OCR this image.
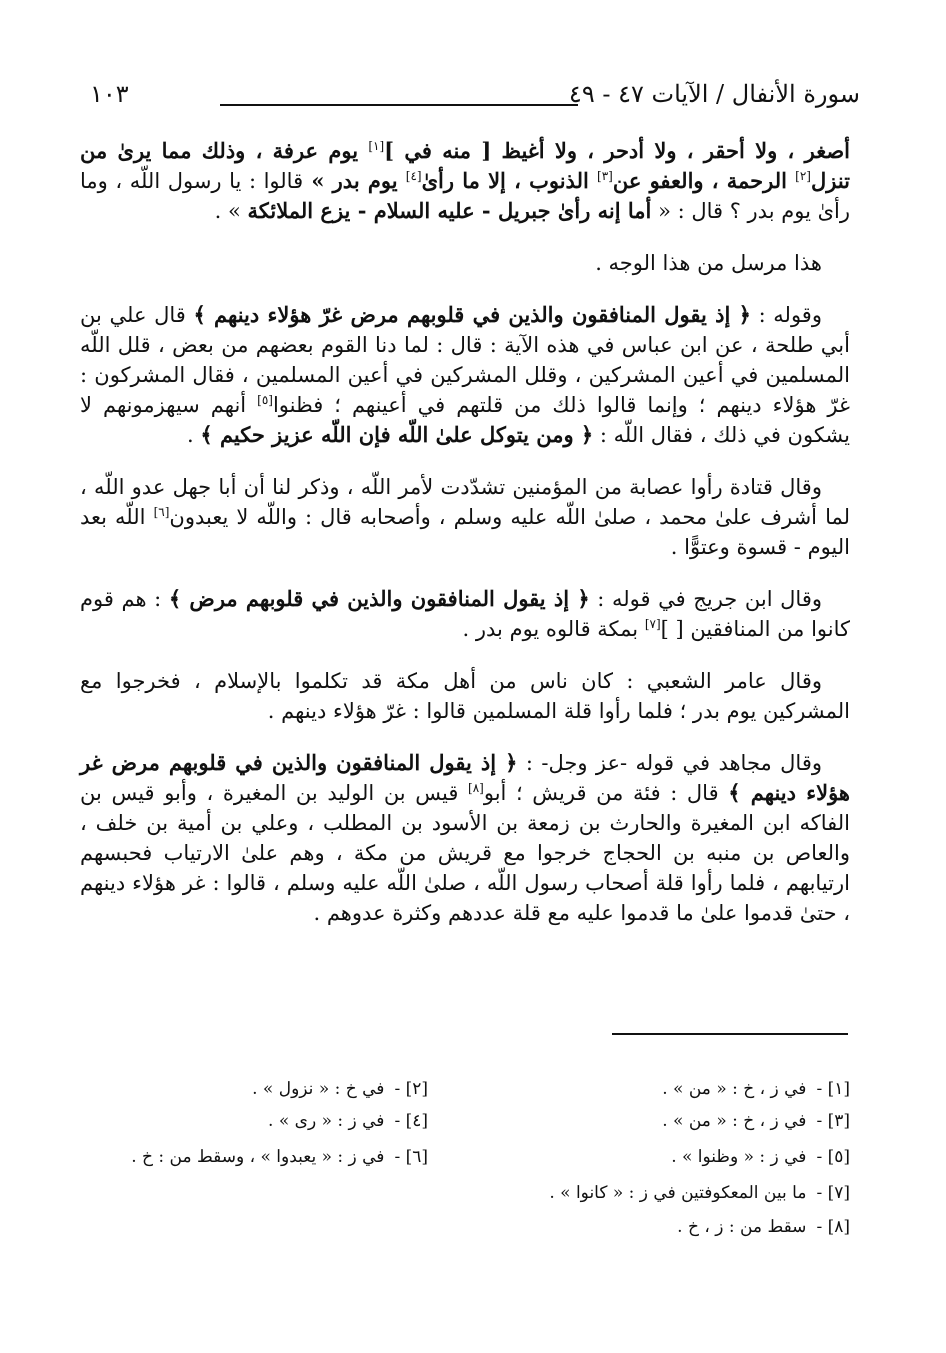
سورة الأنفال / الآيات ٤٧ - ٤٩
١٠٣

أصغر ، ولا أحقر ، ولا أدحر ، ولا أغيظ [ منه في ][١] يوم عرفة ، وذلك مما يرىٰ من تنزل[٢] الرحمة ، والعفو عن[٣] الذنوب ، إلا ما رأىٰ[٤] يوم بدر » قالوا : يا رسول اللّه ، وما رأىٰ يوم بدر ؟ قال : « أما إنه رأىٰ جبريل - عليه السلام - يزع الملائكة » .

هذا مرسل من هذا الوجه .

وقوله : ﴿ إذ يقول المنافقون والذين في قلوبهم مرض غرّ هؤلاء دينهم ﴾ قال علي بن أبي طلحة ، عن ابن عباس في هذه الآية : قال : لما دنا القوم بعضهم من بعض ، قلل اللّه المسلمين في أعين المشركين ، وقلل المشركين في أعين المسلمين ، فقال المشركون : غرّ هؤلاء دينهم ؛ وإنما قالوا ذلك من قلتهم في أعينهم ؛ فظنوا[٥] أنهم سيهزمونهم لا يشكون في ذلك ، فقال اللّه : ﴿ ومن يتوكل علىٰ اللّه فإن اللّه عزيز حكيم ﴾ .

وقال قتادة رأوا عصابة من المؤمنين تشدّدت لأمر اللّه ، وذكر لنا أن أبا جهل عدو اللّه ، لما أشرف علىٰ محمد ، صلىٰ اللّه عليه وسلم ، وأصحابه قال : واللّه لا يعبدون[٦] اللّه بعد اليوم - قسوة وعتوًّا .

وقال ابن جريج في قوله : ﴿ إذ يقول المنافقون والذين في قلوبهم مرض ﴾ : هم قوم كانوا من المنافقين [ ][٧] بمكة قالوه يوم بدر .

وقال عامر الشعبي : كان ناس من أهل مكة قد تكلموا بالإسلام ، فخرجوا مع المشركين يوم بدر ؛ فلما رأوا قلة المسلمين قالوا : غرّ هؤلاء دينهم .

وقال مجاهد في قوله -عز وجل- : ﴿ إذ يقول المنافقون والذين في قلوبهم مرض غر هؤلاء دينهم ﴾ قال : فئة من قريش ؛ أبو[٨] قيس بن الوليد بن المغيرة ، وأبو قيس بن الفاكه ابن المغيرة والحارث بن زمعة بن الأسود بن المطلب ، وعلي بن أمية بن خلف ، والعاص بن منبه بن الحجاج خرجوا مع قريش من مكة ، وهم علىٰ الارتياب فحبسهم ارتيابهم ، فلما رأوا قلة أصحاب رسول اللّه ، صلىٰ اللّه عليه وسلم ، قالوا : غر هؤلاء دينهم ، حتىٰ قدموا علىٰ ما قدموا عليه مع قلة عددهم وكثرة عدوهم .

[١] -في ز ، خ : « من » .
[٢] -في خ : « نزول » .
[٣] -في ز ، خ : « من » .
[٤] -في ز : « رى » .
[٥] -في ز : « وظنوا » .
[٦] -في ز : « يعبدوا » ، وسقط من : خ .
[٧] -ما بين المعكوفتين في ز : « كانوا » .
[٨] -سقط من : ز ، خ .
